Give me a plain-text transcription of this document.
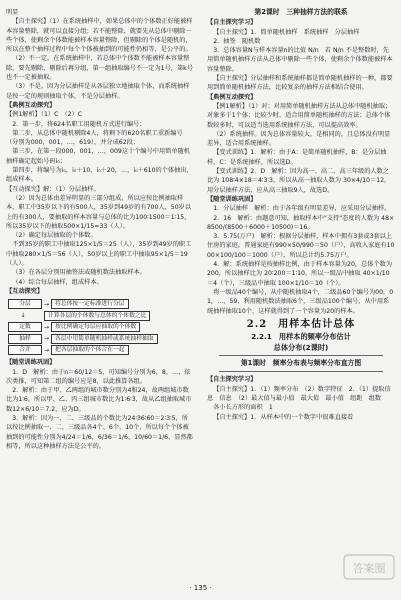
明显

【自主探究】（1）在系统抽样中，如果总体中的个体数正好能被样本容量整除，就可以直接分组；若不能整除，就要先从总体中剔除一些个体，使剩余个体数能被样本容量整除，但剔除的个体是随机的，所以在整个抽样过程中每个个体被抽到的可能性仍相等，是公平的。

（2）不一定。在系统抽样中，若总体中个体数不能被样本容量整除，要先剔除，剔除后再分组，第一组抽取编号不一定为1号，第k号也不一定被抽取。

（3）不是。因为分层抽样是从各层独立地抽取个体，而系统抽样是按一定的规则抽取个体，不是分层抽样。

【典例互动探究】

【例1解析】（1）C　（2）C

2．第一步，将624名职工用随机方式进行编号；

第二步，从总体中随机剔除4人，将剩下的620名职工重新编号（分别为000，001，…，619），并分成62段；

第三步，在第一段000，001，…，009这十个编号中用简单随机抽样确定起始号码i₀；

第四步，将编号为i₀，i₀＋10，i₀＋20，…，i₀＋610的个体抽出，组成样本。

【互动探究】解：（1）分层抽样。

（2）因为总体由差异明显的三部分组成，所以应按比例抽取样本，职工中35岁以下的有500人，35岁到49岁的有700人，50岁以上的有300人，要抽取的样本容量与总体的比为100∶1500＝1∶15，所以35岁以下的抽取500×1/15≈33（人）。

（2）确定每层抽取的个体数。

不到35岁的职工中抽取125×1/5＝25（人），35岁到49岁的职工中抽取280×1/5＝56（人），50岁以上的职工中抽取95×1/5＝19（人）。

（3）在各层分别用抽签法或随机数法抽取样本。

（4）综合每层抽样，组成样本。

【互动探究】

分层	→	将总体按一定标准进行分层
↓	计算各层的个体数与总体的个体数之比
定数	→	按比例确定每层应抽取的个体数
抽样	→	各层中用简单随机抽样或系统抽样抽取
合并	→	把各层抽取的个体合在一起

【随堂训练巩固】

1．D　解析：由于n＝60/12＝5，可知编号分别为6，8，…，依次类推，可知第二组的编号应是8，以此推算各组。

2．解析：由于甲、乙两组的城市数分别为4和24，故两组城市数比为1∶6，所以甲、乙、丙三组城市数比为1∶6∶3，故从乙组抽取城市数12×6/10＝7.2，应为D。

3．解析：因为一、二、三级品的个数比为24∶36∶60＝2∶3∶5，所以按比例抽取一、二、三级品各4个、6个、10个，所以每个个体被抽到的可能性分别为4/24＝1/6，6/36＝1/6，10/60＝1/6，显然都相等，所以这种抽样方法是公平的。

第2课时　三种抽样方法的联系

【自主探究学习】

【自主探究】1．简单随机抽样　系统抽样　分层抽样

2．抽签　随机数

3．总体容量N与样本容量n的比值 N/n　若 N/n 不是整数时，先用简单随机抽样方法从总体中剔除一些个体，使剩余个体数能被样本容量整除。

【自主探究】分层抽样和系统抽样都是简单随机抽样的一种，都要用到简单随机抽样方法，比较复杂的抽样方法相结合使用。

【典例互动探究】

【例1解析】（1）对；对用简单随机抽样方法从总体中随机抽取；对象多于1个体；比较少时，适合用简单随机抽样的方法；总体个体数较多时，可以适当选用系统抽样方法，可以提高效率。

（2）系统抽样。因为总体容量较大，是相同的，且总体没有明显差异，适合用系统抽样。

【变式训练】1．解析：由于A：是简单随机抽样，B：是分层抽样，C：是系统抽样，所以选D。

【变式训练】2．D　解析：因为高一、高二、高三年级的人数之比为 108∶4×18＝4∶3∶3，所以从高一抽取人数为 30×4/10＝12，用分层抽样方法，应从高三抽取9人，故选D。

【随堂训练巩固】

1．分层抽样　解析：由于各年级有明显差异，应采用分层抽样。

2．16　解析：由题意可知，抽取样本中"支持"态度的人数为 48×8500/(8500＋6000＋10500)＝16。

3．5.75(万户)　解析：根据分层抽样，样本中拥有3套或3套以上住房的家庭，普通家庭有990×50/990＝50（户），高收入家庭有1000×100/100＝1000（户），所以总计约5.75万户。

4．解：系统抽样是按抽样比例，由于样本容量为20，总体个数为200，所以抽样比为 20∶200＝1∶10，所以一级品中抽取 40×1/10＝4（个），三级品中抽取 100×1/10＝10（个）。

将一级品40个编号，从中随机抽取4个，二级品60个编号为00，01，…，59，利用随机数法抽取6个，三级品100个编号，从中用系统抽样抽取10个，这样就得到了一个容量为20的样本。

2.2　用样本估计总体
2.2.1　用样本的频率分布估计
总体分布(2课时)
第1课时　频率分布表与频率分布直方图

【自主探究学习】

【自主探究】1．（1）频率分布　（2）数字特征　2．（1）提取信息　信息　（2）最大值与最小值　最大值　最小值　组距　组数

各小长方形的面积　1

【自主探究】1．从样本中的一个数字中很难直接看

· 135 ·
答案圈
